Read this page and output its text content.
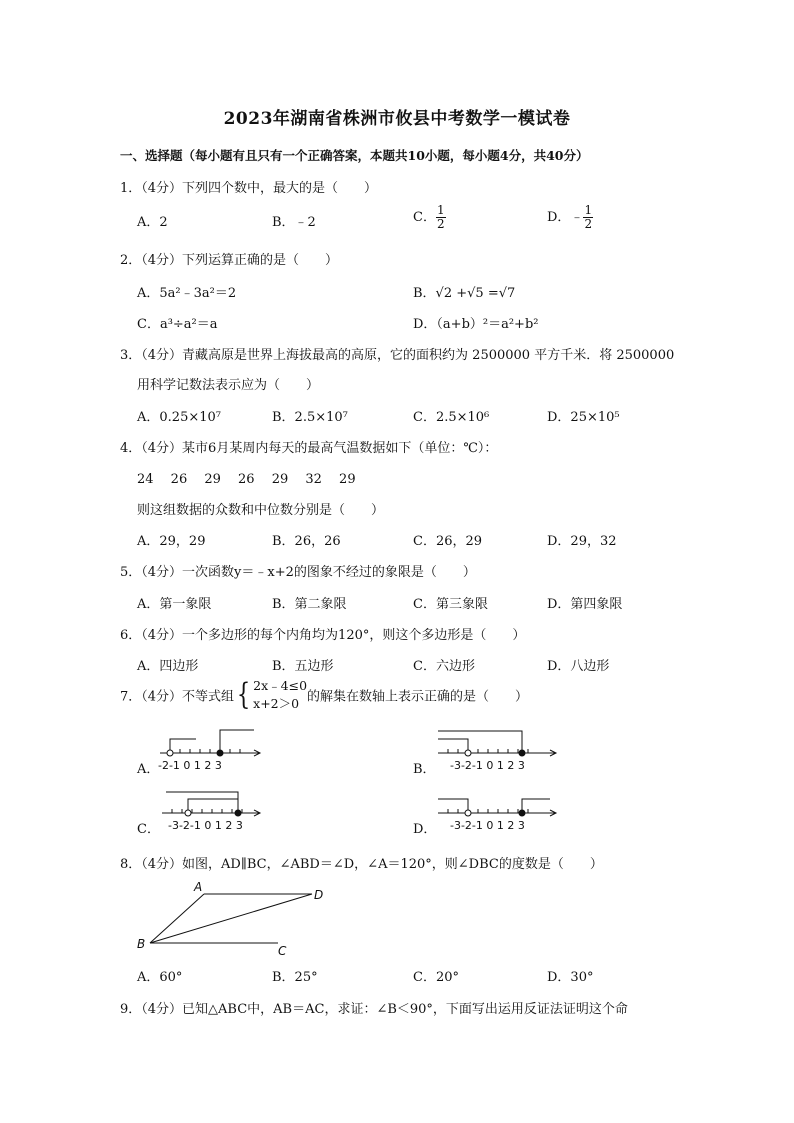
2023年湖南省株洲市攸县中考数学一模试卷
一、选择题（每小题有且只有一个正确答案，本题共10小题，每小题4分，共40分）
1．（4分）下列四个数中，最大的是（　　）
A．2	B．﹣2	C． $\frac{1}{2}$	D．﹣ $\frac{1}{2}$
2．（4分）下列运算正确的是（　　）
A．5a²﹣3a²＝2	B．√2 +√5 =√7
C．a³÷a²＝a	D．（a+b）²＝a²+b²
3．（4分）青藏高原是世界上海拔最高的高原，它的面积约为 2500000 平方千米．将 2500000
用科学记数法表示应为（　　）
A．0.25×10⁷	B．2.5×10⁷	C．2.5×10⁶	D．25×10⁵
4．（4分）某市6月某周内每天的最高气温数据如下（单位：℃）：
24　 26　 29　 26　 29　 32　 29
则这组数据的众数和中位数分别是（　　）
A．29，29	B．26，26	C．26，29	D．29，32
5．（4分）一次函数y＝﹣x+2的图象不经过的象限是（　　）
A．第一象限	B．第二象限	C．第三象限	D．第四象限
6．（4分）一个多边形的每个内角均为120°，则这个多边形是（　　）
A．四边形	B．五边形	C．六边形	D．八边形
7．（4分）不等式组{ 2x﹣4≤0
x+2＞0 的解集在数轴上表示正确的是（　　）
A．
-2-1 0 1 2 3	B． -3-2-1 0 1 2 3
C． -3-2-1 0 1 2 3	D． -3-2-1 0 1 2 3
8．（4分）如图，AD∥BC，∠ABD＝∠D，∠A＝120°，则∠DBC的度数是（　　）
A
D
B	C
A．60°	B．25°	C．20°	D．30°
9．（4分）已知△ABC中，AB＝AC，求证：∠B＜90°，下面写出运用反证法证明这个命
